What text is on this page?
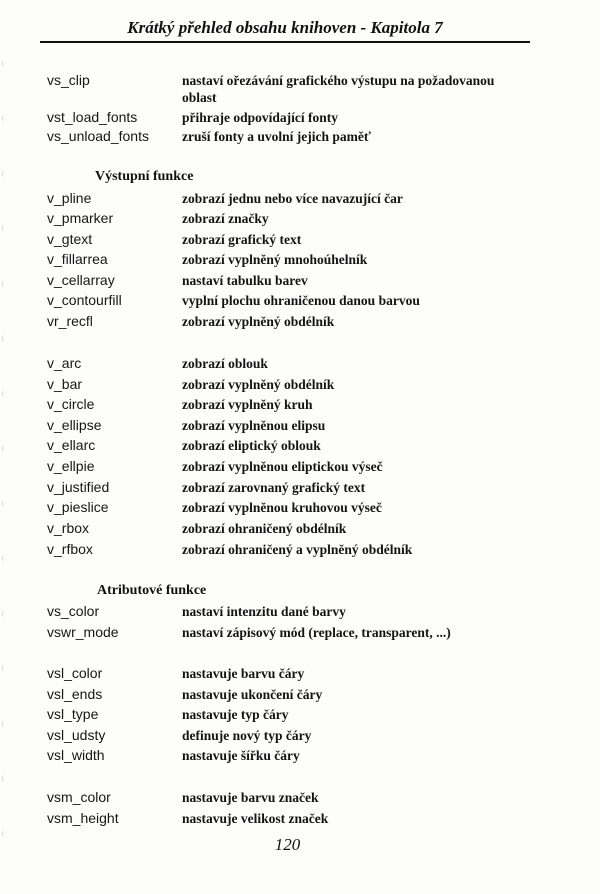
Krátký přehled obsahu knihoven - Kapitola 7
Výstupní funkce
Atributové funkce
vs_clip	nastaví ořezávání grafického výstupu na požadovanou oblast
vst_load_fonts	přihraje odpovídající fonty
vs_unload_fonts zruší fonty a uvolní jejich paměť
v_pline	zobrazí jednu nebo více navazující čar
v_pmarker	zobrazí značky
v_gtext	zobrazí grafický text
v_fillarrea	zobrazí vyplněný mnohoúhelník
v_cellarray	nastaví tabulku barev
v_contourfill	vyplní plochu ohraničenou danou barvou
vr_recfl	zobrazí vyplněný obdélník
v_arc	zobrazí oblouk
v_bar	zobrazí vyplněný obdélník
v_circle	zobrazí vyplněný kruh
v_ellipse	zobrazí vyplněnou elipsu
v_ellarc	zobrazí eliptický oblouk
v_ellpie	zobrazí vyplněnou eliptickou výseč
v_justified	zobrazí zarovnaný grafický text
v_pieslice	zobrazí vyplněnou kruhovou výseč
v_rbox	zobrazí ohraničený obdélník
v_rfbox	zobrazí ohraničený a vyplněný obdélník
vs_color	nastaví intenzitu dané barvy
vswr_mode	nastaví zápisový mód (replace, transparent, ...)
vsl_color	nastavuje barvu čáry
vsl_ends	nastavuje ukončení čáry
vsl_type	nastavuje typ čáry
vsl_udsty	definuje nový typ čáry
vsl_width	nastavuje šířku čáry
vsm_color	nastavuje barvu značek
vsm_height	nastavuje velikost značek
120
